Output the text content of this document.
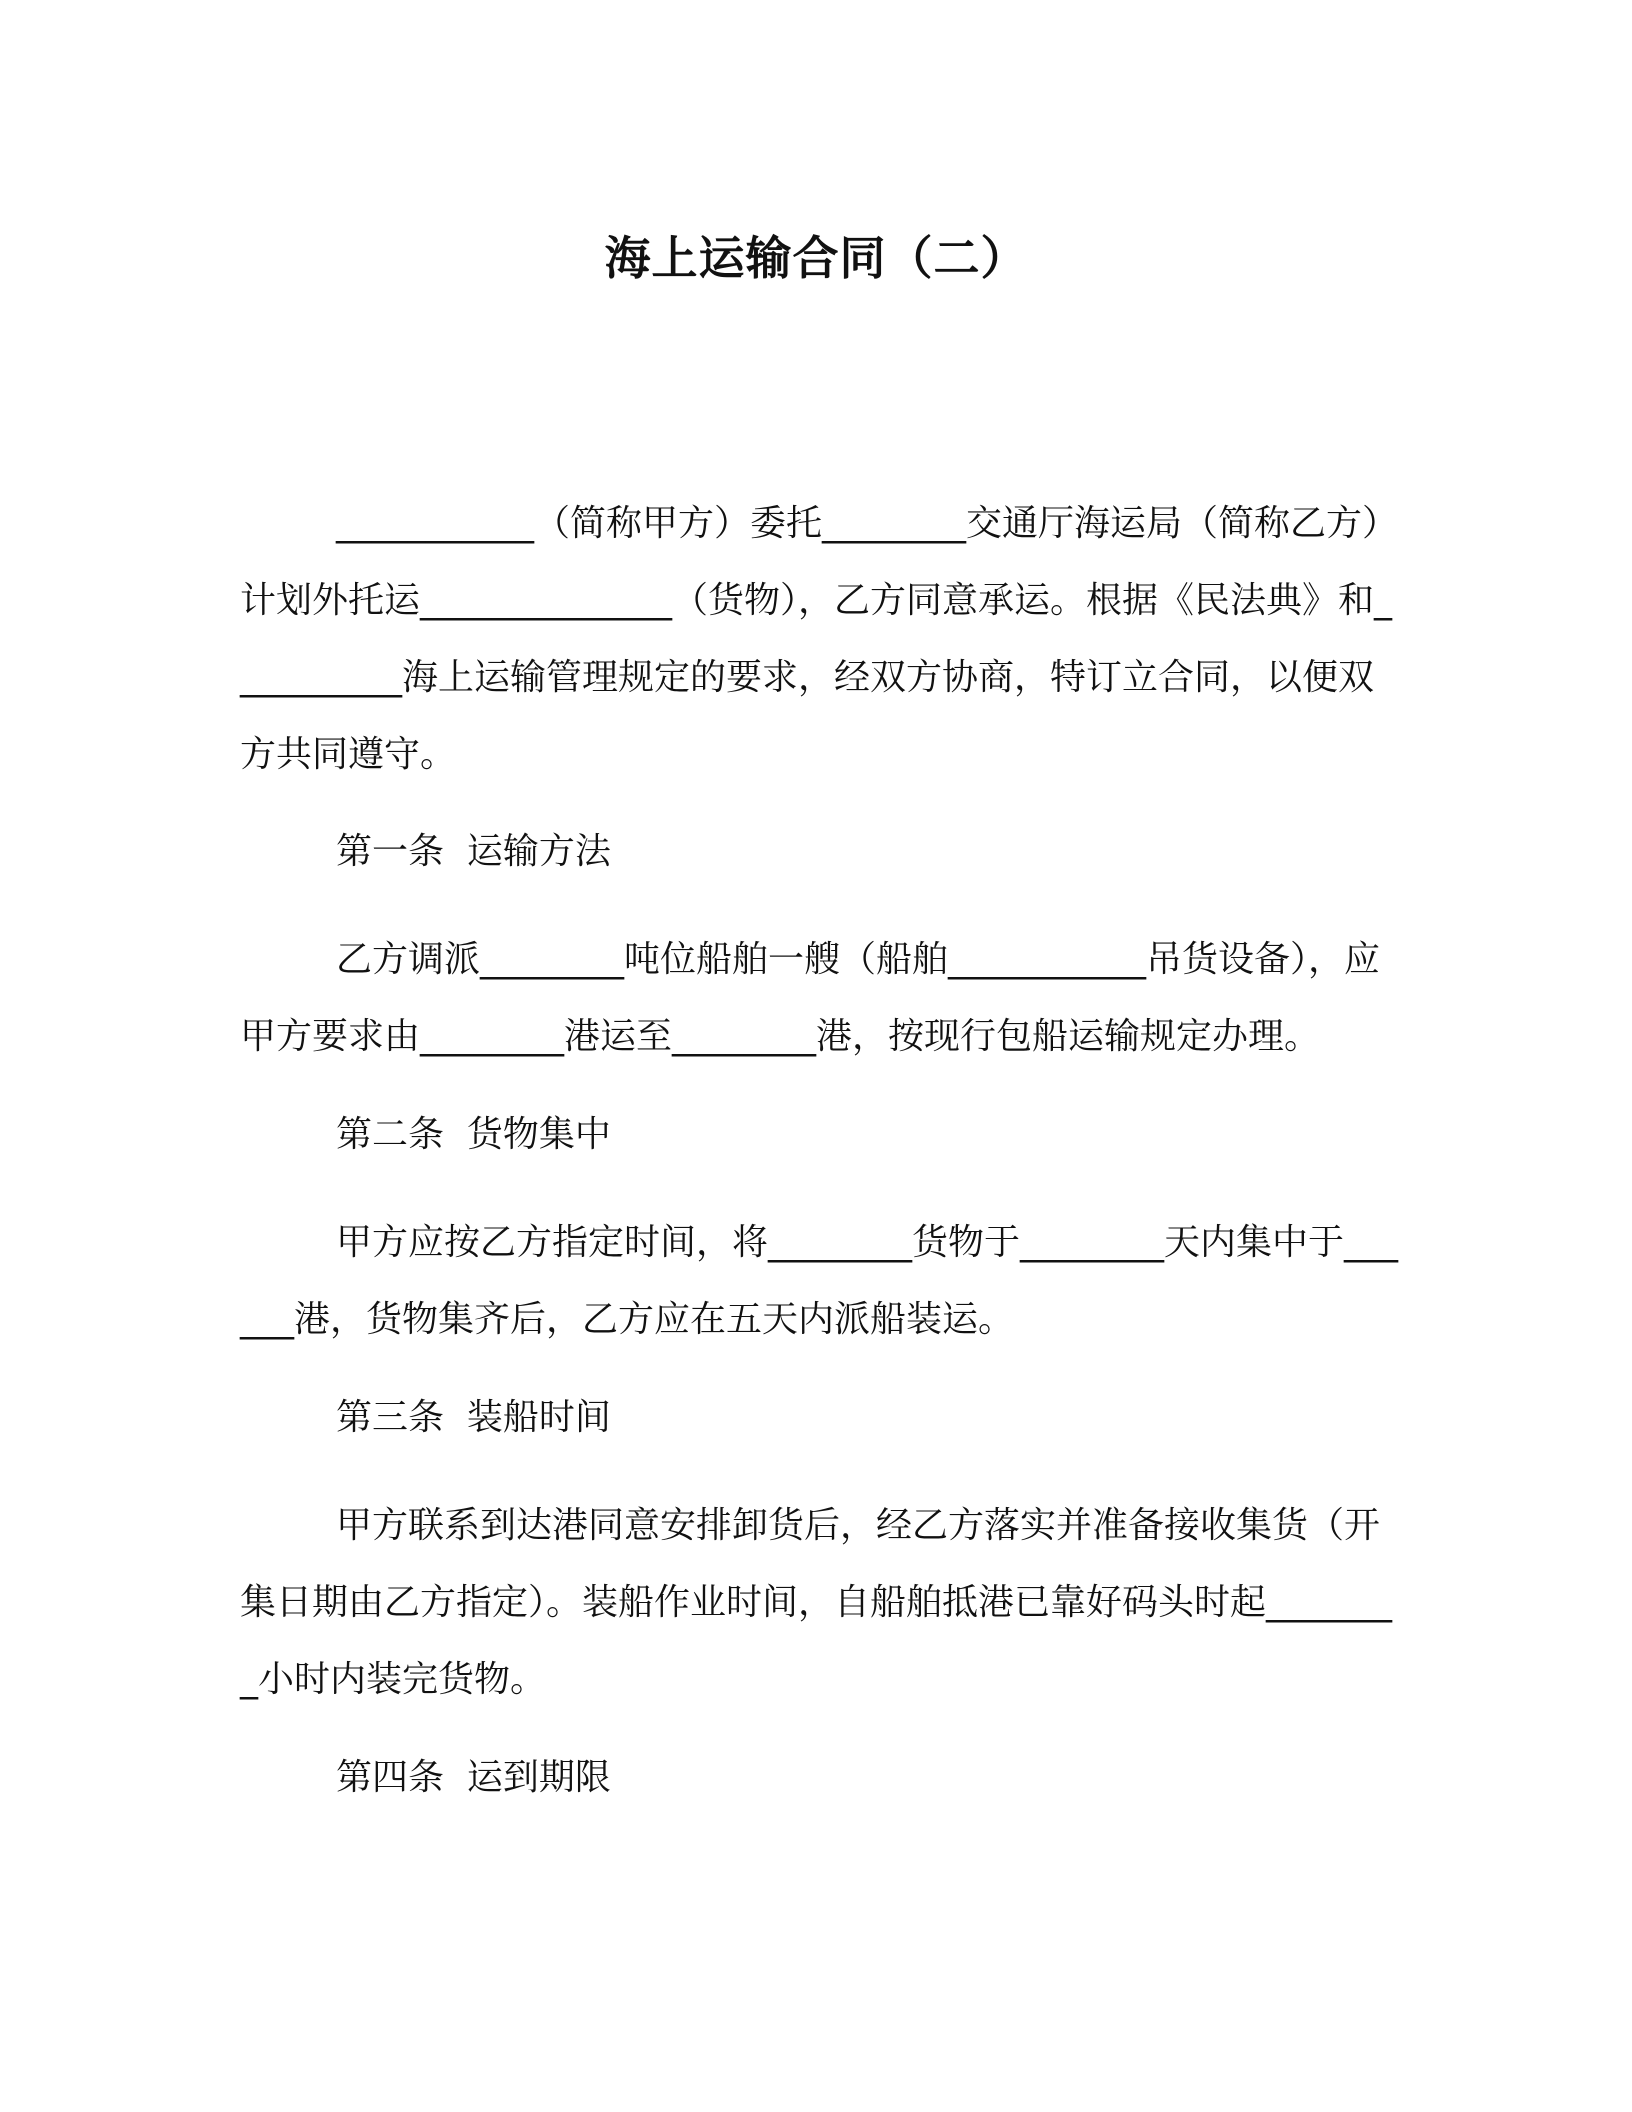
海上运输合同（二）
___________（简称甲方）委托________交通厅海运局（简称乙方）计划外托运______________（货物），乙方同意承运。根据《民法典》和__________海上运输管理规定的要求，经双方协商，特订立合同，以便双方共同遵守。
第一条  运输方法
乙方调派________吨位船舶一艘（船舶___________吊货设备），应甲方要求由________港运至________港，按现行包船运输规定办理。
第二条  货物集中
甲方应按乙方指定时间，将________货物于________天内集中于______港，货物集齐后，乙方应在五天内派船装运。
第三条  装船时间
甲方联系到达港同意安排卸货后，经乙方落实并准备接收集货（开集日期由乙方指定）。装船作业时间，自船舶抵港已靠好码头时起________小时内装完货物。
第四条  运到期限
